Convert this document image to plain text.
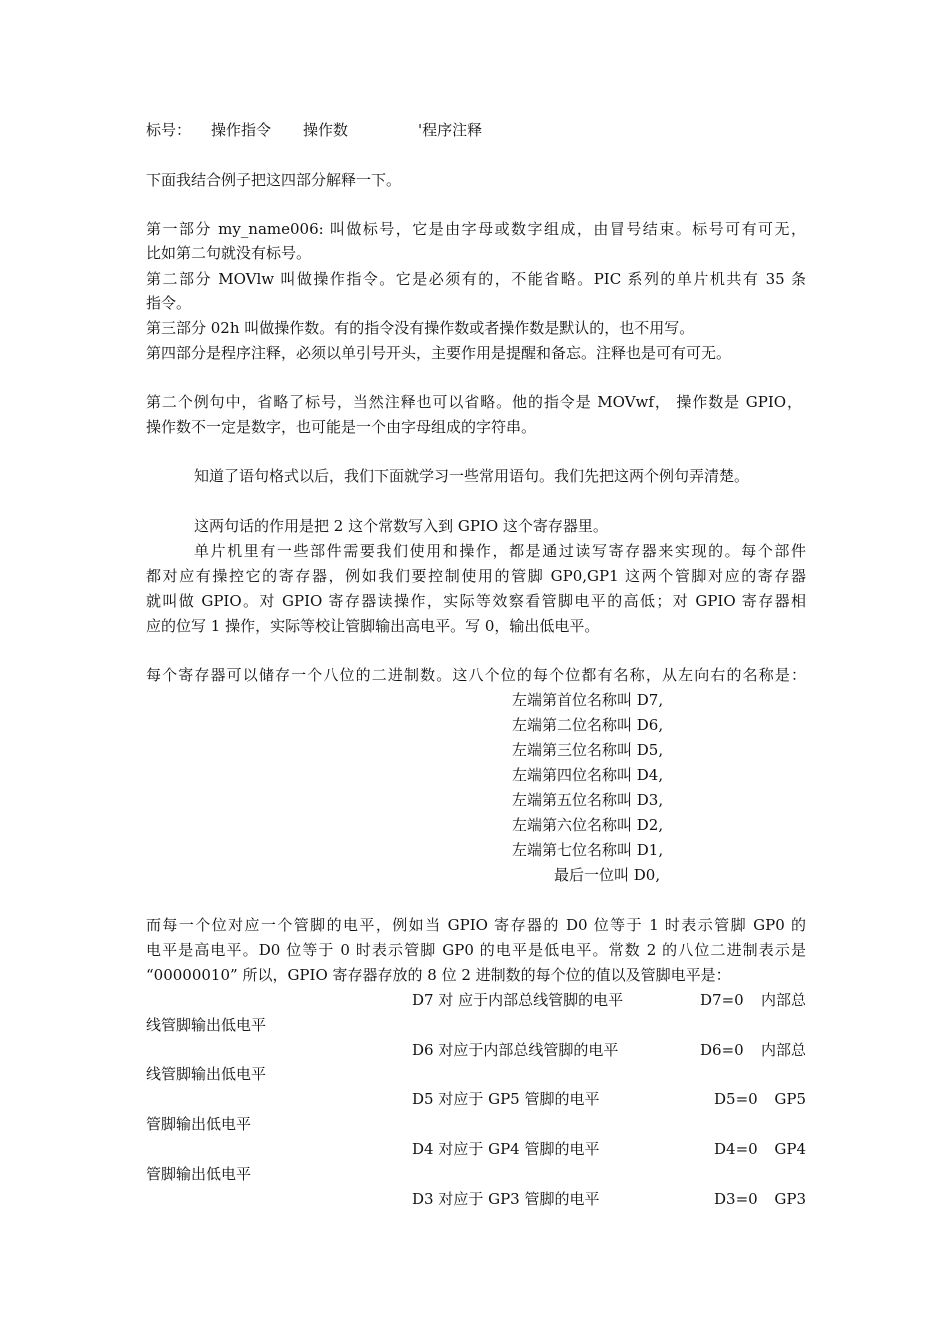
标号： 操作指令 操作数	'程序注释
下面我结合例子把这四部分解释一下。
第一部分 my_name006: 叫做标号，它是由字母或数字组成，由冒号结束。标号可有可无，
比如第二句就没有标号。
第二部分 MOVlw 叫做操作指令。它是必须有的，不能省略。PIC 系列的单片机共有 35 条
指令。
第三部分 02h 叫做操作数。有的指令没有操作数或者操作数是默认的，也不用写。
第四部分是程序注释，必须以单引号开头，主要作用是提醒和备忘。注释也是可有可无。
第二个例句中，省略了标号，当然注释也可以省略。他的指令是 MOVwf， 操作数是 GPIO，
操作数不一定是数字，也可能是一个由字母组成的字符串。
知道了语句格式以后，我们下面就学习一些常用语句。我们先把这两个例句弄清楚。
这两句话的作用是把 2 这个常数写入到 GPIO 这个寄存器里。
单片机里有一些部件需要我们使用和操作，都是通过读写寄存器来实现的。每个部件
都对应有操控它的寄存器，例如我们要控制使用的管脚 GP0,GP1 这两个管脚对应的寄存器
就叫做 GPIO。对 GPIO 寄存器读操作，实际等效察看管脚电平的高低；对 GPIO 寄存器相
应的位写 1 操作，实际等校让管脚输出高电平。写 0，输出低电平。
每个寄存器可以储存一个八位的二进制数。这八个位的每个位都有名称，从左向右的名称是：
左端第首位名称叫 D7,
左端第二位名称叫 D6,
左端第三位名称叫 D5,
左端第四位名称叫 D4,
左端第五位名称叫 D3,
左端第六位名称叫 D2,
左端第七位名称叫 D1,
最后一位叫 D0,
而每一个位对应一个管脚的电平，例如当 GPIO 寄存器的 D0 位等于 1 时表示管脚 GP0 的
电平是高电平。D0 位等于 0 时表示管脚 GP0 的电平是低电平。常数 2 的八位二进制表示是
“00000010” 所以，GPIO 寄存器存放的 8 位 2 进制数的每个位的值以及管脚电平是：
D7 对 应于内部总线管脚的电平	D7=0 内部总
线管脚输出低电平
D6 对应于内部总线管脚的电平	D6=0 内部总
线管脚输出低电平
D5 对应于 GP5 管脚的电平	D5=0 GP5
管脚输出低电平
D4 对应于 GP4 管脚的电平	D4=0 GP4
管脚输出低电平
D3 对应于 GP3 管脚的电平	D3=0 GP3
